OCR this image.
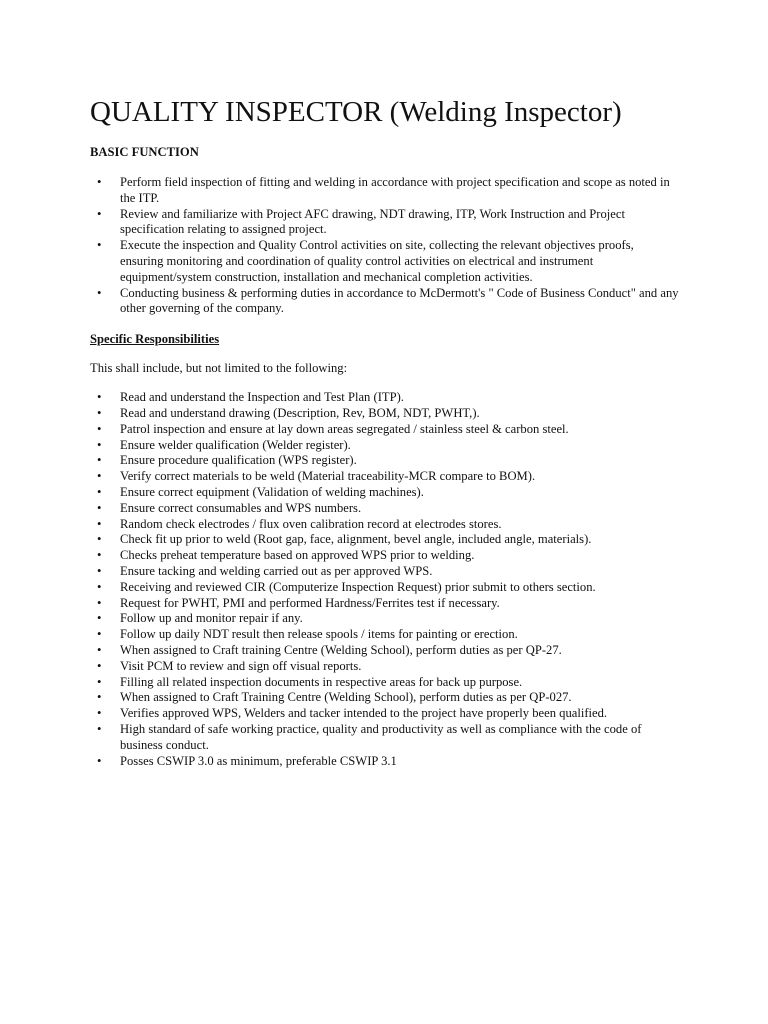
QUALITY INSPECTOR (Welding Inspector)
BASIC FUNCTION
• Perform field inspection of fitting and welding in accordance with project specification and scope as noted in the ITP.
• Review and familiarize with Project AFC drawing, NDT drawing, ITP, Work Instruction and Project specification relating to assigned project.
• Execute the inspection and Quality Control activities on site, collecting the relevant objectives proofs, ensuring monitoring and coordination of quality control activities on electrical and instrument equipment/system construction, installation and mechanical completion activities.
• Conducting business & performing duties in accordance to McDermott's " Code of Business Conduct" and any other governing of the company.
Specific Responsibilities
This shall include, but not limited to the following:
• Read and understand the Inspection and Test Plan (ITP).
• Read and understand drawing (Description, Rev, BOM, NDT, PWHT,).
• Patrol inspection and ensure at lay down areas segregated / stainless steel & carbon steel.
• Ensure welder qualification (Welder register).
• Ensure procedure qualification (WPS register).
• Verify correct materials to be weld (Material traceability-MCR compare to BOM).
• Ensure correct equipment (Validation of welding machines).
• Ensure correct consumables and WPS numbers.
• Random check electrodes / flux oven calibration record at electrodes stores.
• Check fit up prior to weld (Root gap, face, alignment, bevel angle, included angle, materials).
• Checks preheat temperature based on approved WPS prior to welding.
• Ensure tacking and welding carried out as per approved WPS.
• Receiving and reviewed CIR (Computerize Inspection Request) prior submit to others section.
• Request for PWHT, PMI and performed Hardness/Ferrites test if necessary.
• Follow up and monitor repair if any.
• Follow up daily NDT result then release spools / items for painting or erection.
• When assigned to Craft training Centre (Welding School), perform duties as per QP-27.
• Visit PCM to review and sign off visual reports.
• Filling all related inspection documents in respective areas for back up purpose.
• When assigned to Craft Training Centre (Welding School), perform duties as per QP-027.
• Verifies approved WPS, Welders and tacker intended to the project have properly been qualified.
• High standard of safe working practice, quality and productivity as well as compliance with the code of business conduct.
• Posses CSWIP 3.0 as minimum, preferable CSWIP 3.1
